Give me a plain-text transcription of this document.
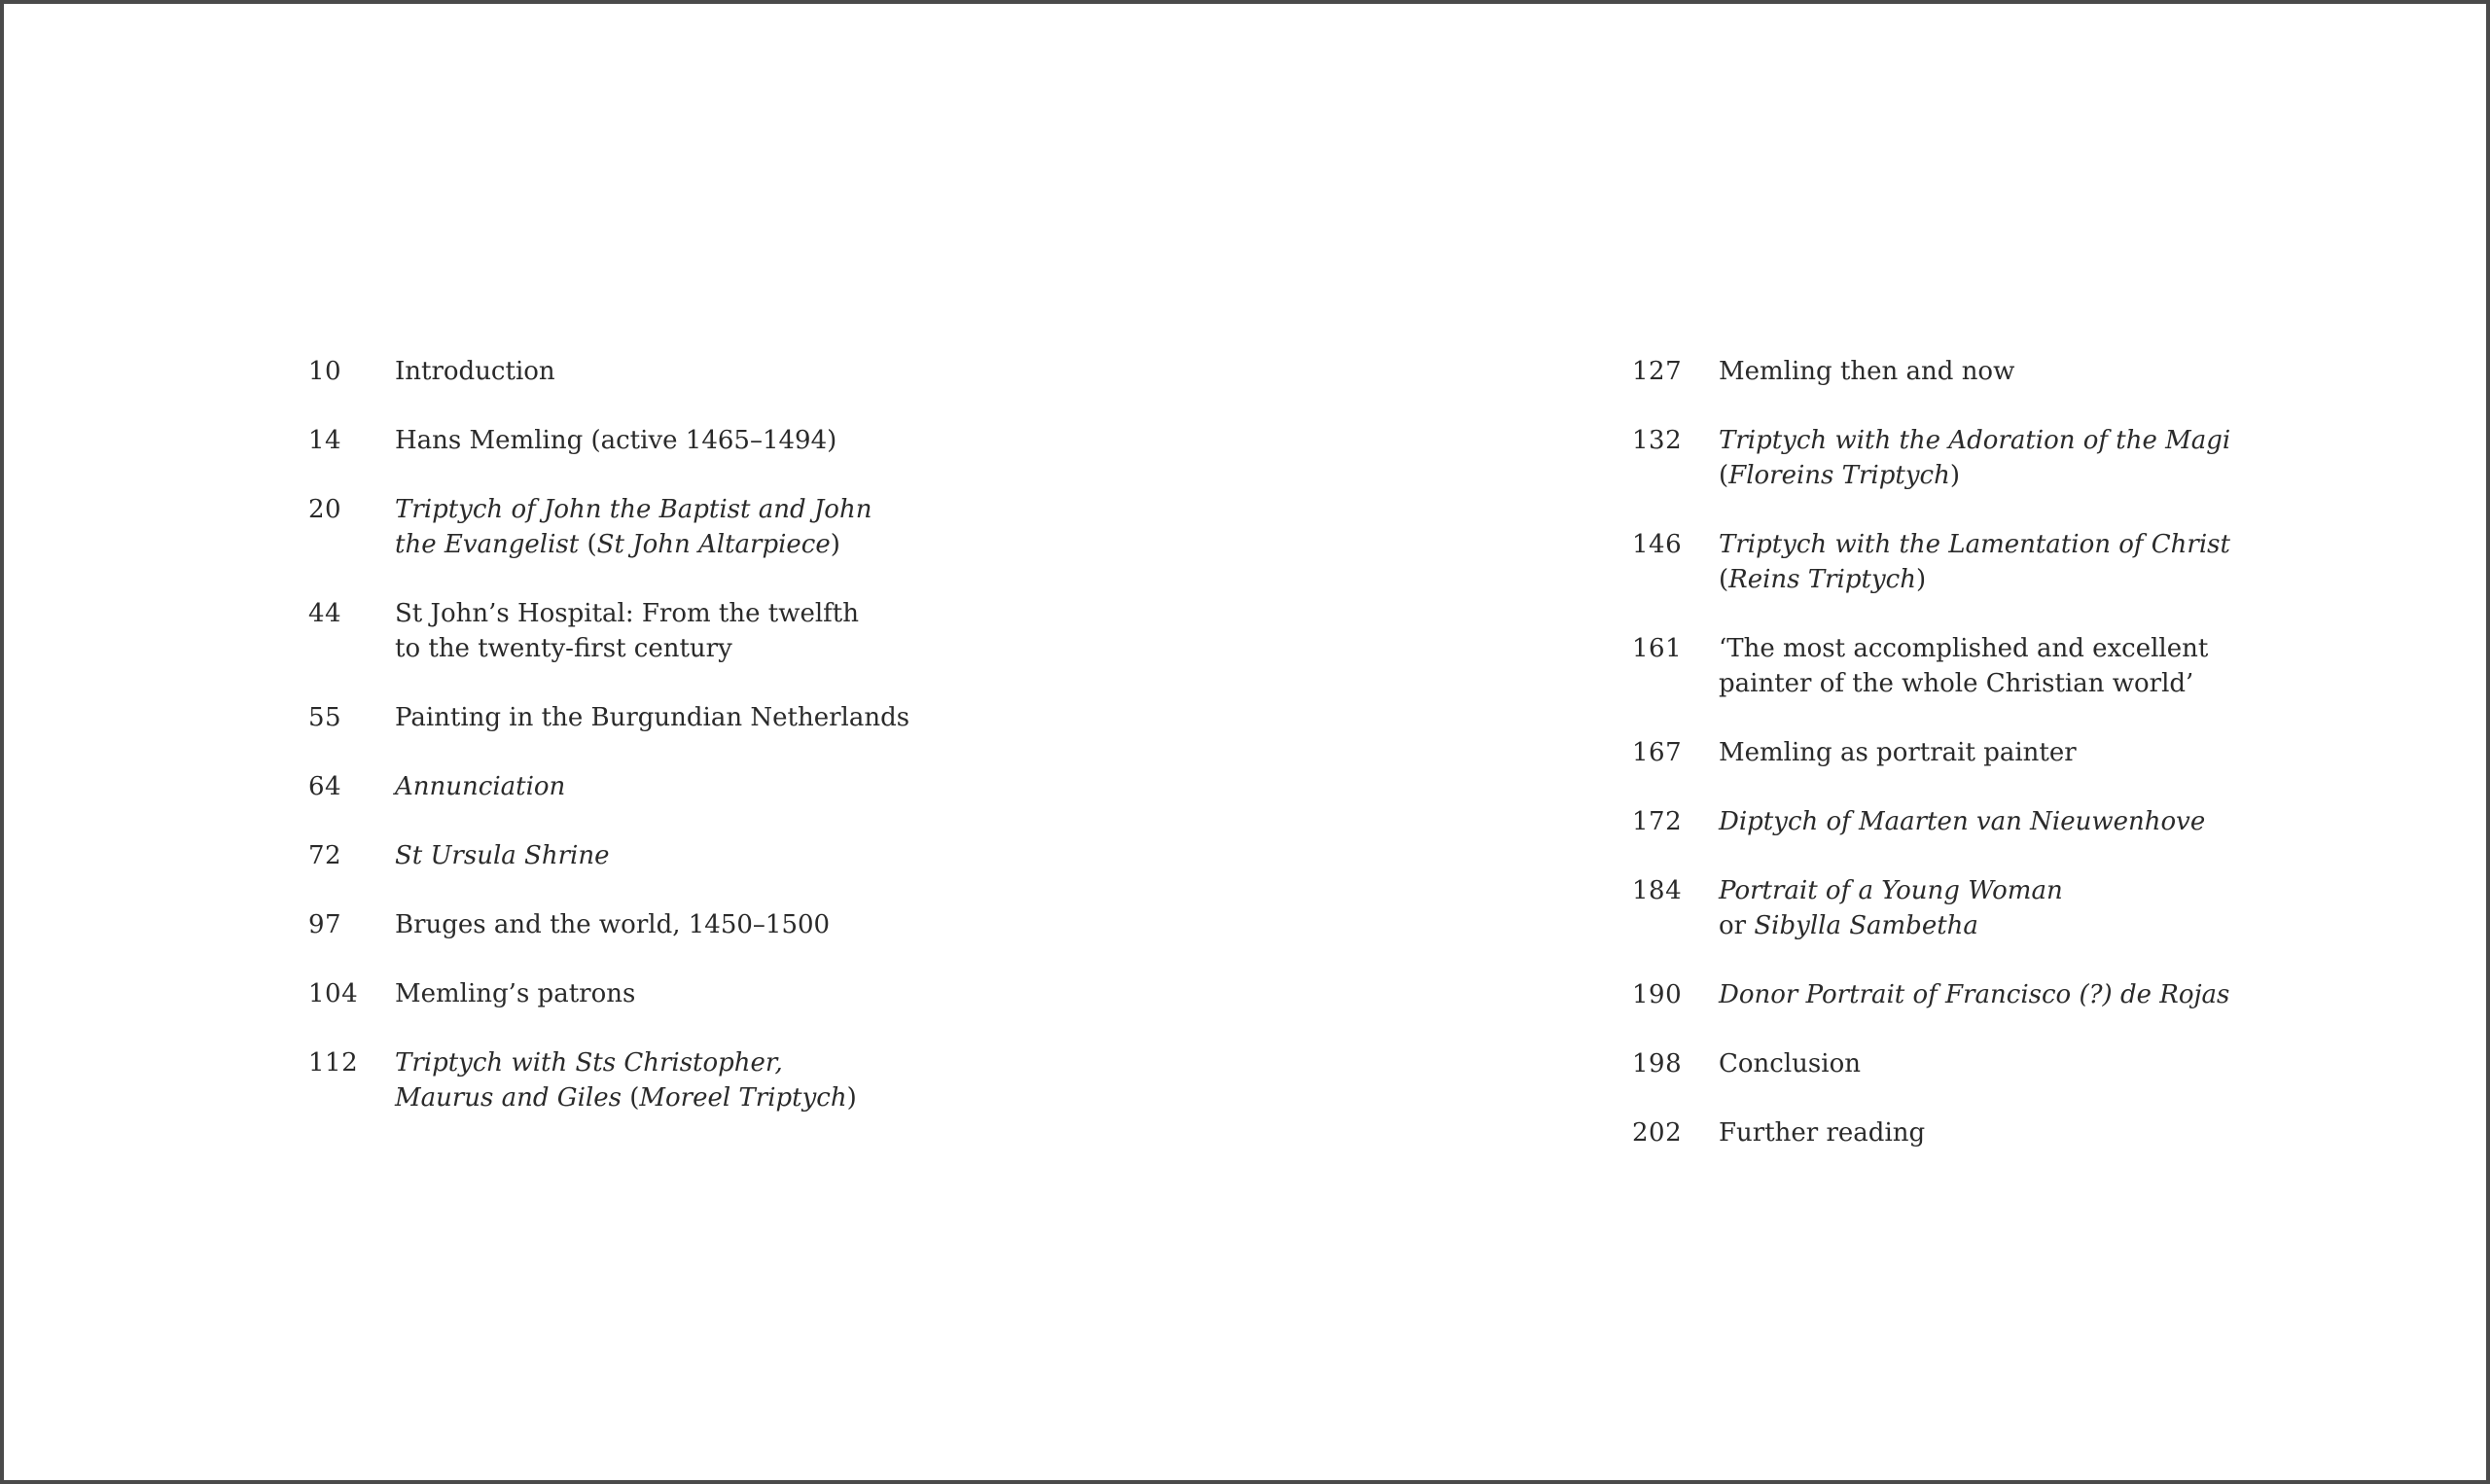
10	Introduction
14	Hans Memling (active 1465–1494)
20	Triptych of John the Baptist and John
the Evangelist (St John Altarpiece)
44	St John’s Hospital: From the twelfth
to the twenty-first century
55	Painting in the Burgundian Netherlands
64	Annunciation
72	St Ursula Shrine
97	Bruges and the world, 1450–1500
104	Memling’s patrons
112	Triptych with Sts Christopher,
Maurus and Giles (Moreel Triptych)
127	Memling then and now
132	Triptych with the Adoration of the Magi
(Floreins Triptych)
146	Triptych with the Lamentation of Christ
(Reins Triptych)
161	‘The most accomplished and excellent
painter of the whole Christian world’
167	Memling as portrait painter
172	Diptych of Maarten van Nieuwenhove
184	Portrait of a Young Woman
or Sibylla Sambetha
190	Donor Portrait of Francisco (?) de Rojas
198	Conclusion
202	Further reading
